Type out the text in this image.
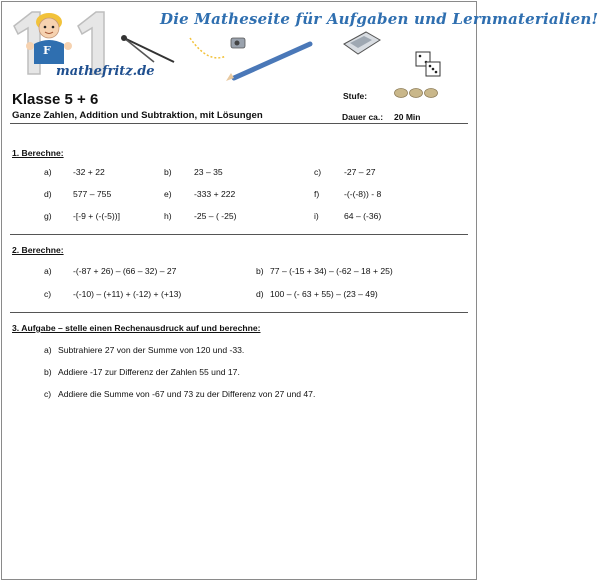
F
Die Matheseite für Aufgaben und Lernmaterialien!
mathefritz.de
Klasse 5 + 6
Ganze Zahlen, Addition und Subtraktion, mit Lösungen
Stufe:
Dauer ca.: 20 Min
1. Berechne:
a) -32 + 22	b)	23 – 35	c)	-27 – 27
d) 577 – 755	e)	-333 + 222	f)	-(-(-8)) - 8
g) -[-9 + (-(-5))]	h)	-25 – ( -25)	i)	64 – (-36)
2. Berechne:
a) -(-87 + 26) – (66 – 32) – 27	b) 77 – (-15 + 34) – (-62 – 18 + 25)
c)	-(-10) – (+11) + (-12) + (+13)	d) 100 – (- 63 + 55) – (23 – 49)
3. Aufgabe – stelle einen Rechenausdruck auf und berechne:
a) Subtrahiere 27 von der Summe von 120 und -33.
b) Addiere -17 zur Differenz der Zahlen 55 und 17.
c) Addiere die Summe von -67 und 73 zu der Differenz von 27 und 47.
